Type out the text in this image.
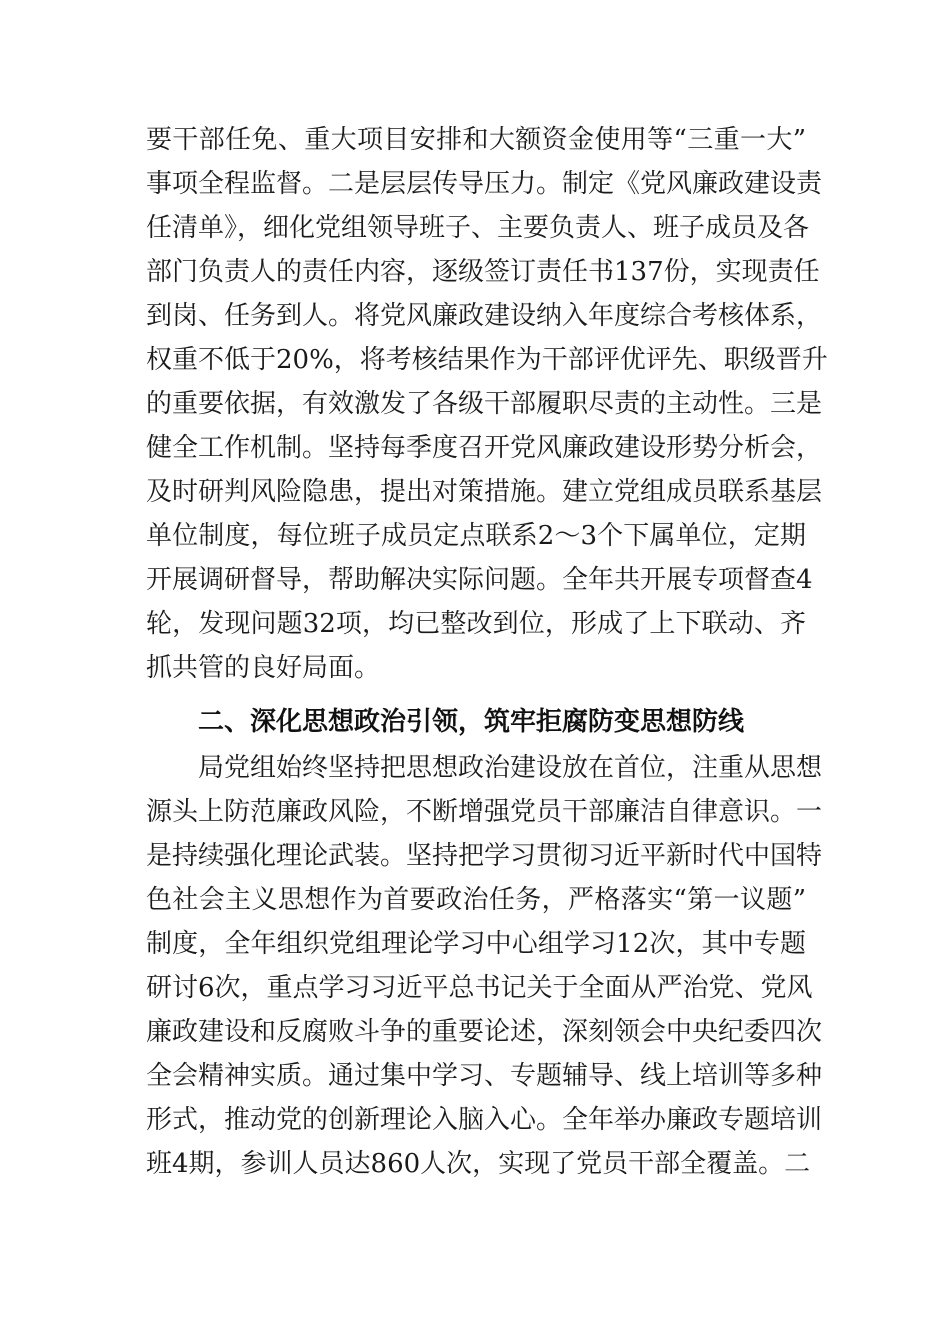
要干部任免、重大项目安排和大额资金使用等“三重一大”
事项全程监督。二是层层传导压力。制定《党风廉政建设责
任清单》，细化党组领导班子、主要负责人、班子成员及各
部门负责人的责任内容，逐级签订责任书137份，实现责任
到岗、任务到人。将党风廉政建设纳入年度综合考核体系，
权重不低于20%，将考核结果作为干部评优评先、职级晋升
的重要依据，有效激发了各级干部履职尽责的主动性。三是
健全工作机制。坚持每季度召开党风廉政建设形势分析会，
及时研判风险隐患，提出对策措施。建立党组成员联系基层
单位制度，每位班子成员定点联系2～3个下属单位，定期
开展调研督导，帮助解决实际问题。全年共开展专项督查4
轮，发现问题32项，均已整改到位，形成了上下联动、齐
抓共管的良好局面。
二、深化思想政治引领，筑牢拒腐防变思想防线
局党组始终坚持把思想政治建设放在首位，注重从思想
源头上防范廉政风险，不断增强党员干部廉洁自律意识。一
是持续强化理论武装。坚持把学习贯彻习近平新时代中国特
色社会主义思想作为首要政治任务，严格落实“第一议题”
制度，全年组织党组理论学习中心组学习12次，其中专题
研讨6次，重点学习习近平总书记关于全面从严治党、党风
廉政建设和反腐败斗争的重要论述，深刻领会中央纪委四次
全会精神实质。通过集中学习、专题辅导、线上培训等多种
形式，推动党的创新理论入脑入心。全年举办廉政专题培训
班4期，参训人员达860人次，实现了党员干部全覆盖。二
